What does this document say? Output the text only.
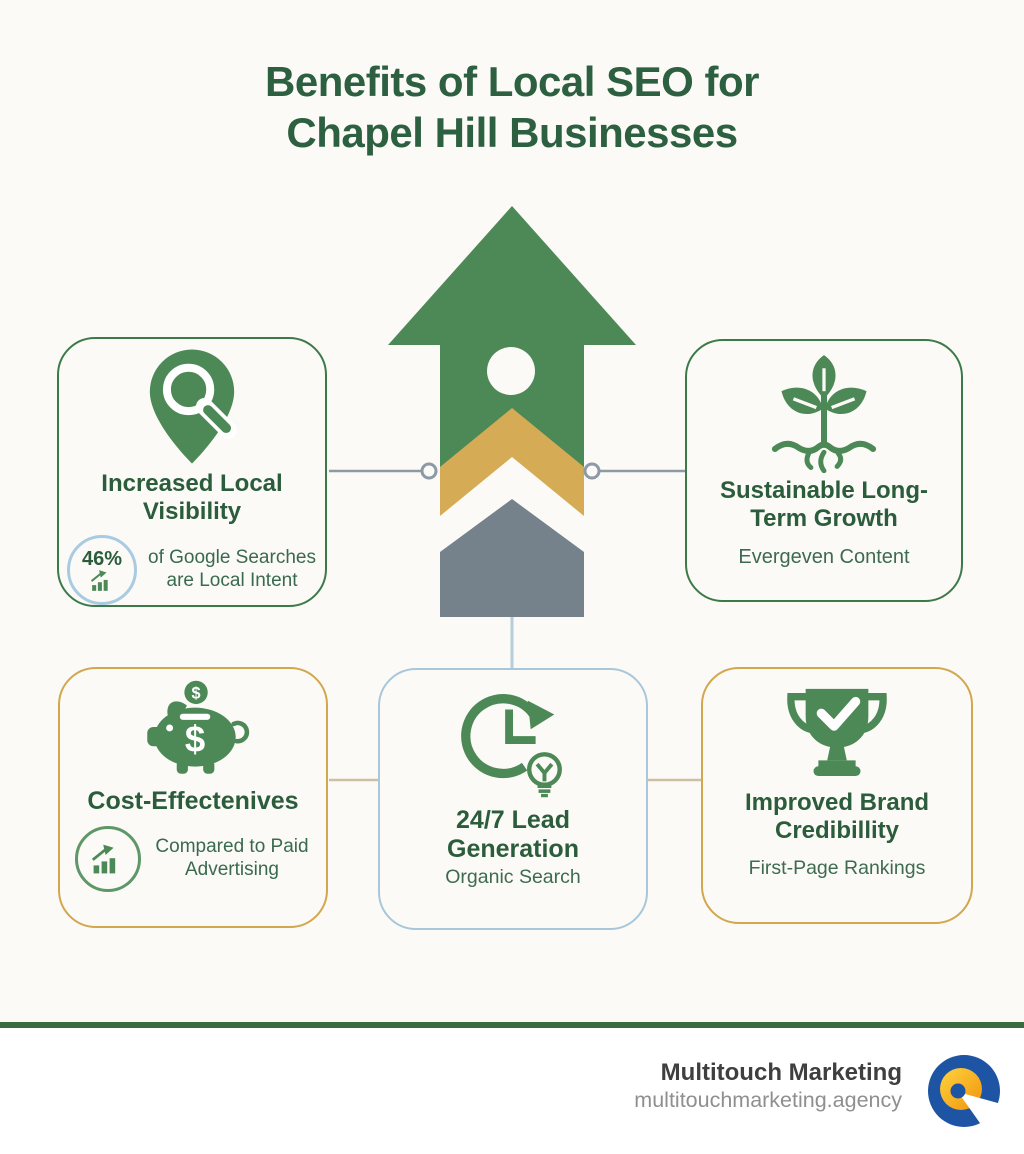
Benefits of Local SEO for
Chapel Hill Businesses
Increased Local Visibility
46% of Google Searches are Local Intent
Sustainable Long-Term Growth
Evergeven Content
$
$
Cost-Effectenives
Compared to Paid Advertising
24/7 Lead Generation
Organic Search
Improved Brand Credibillity
First-Page Rankings
Multitouch Marketing
multitouchmarketing.agency
